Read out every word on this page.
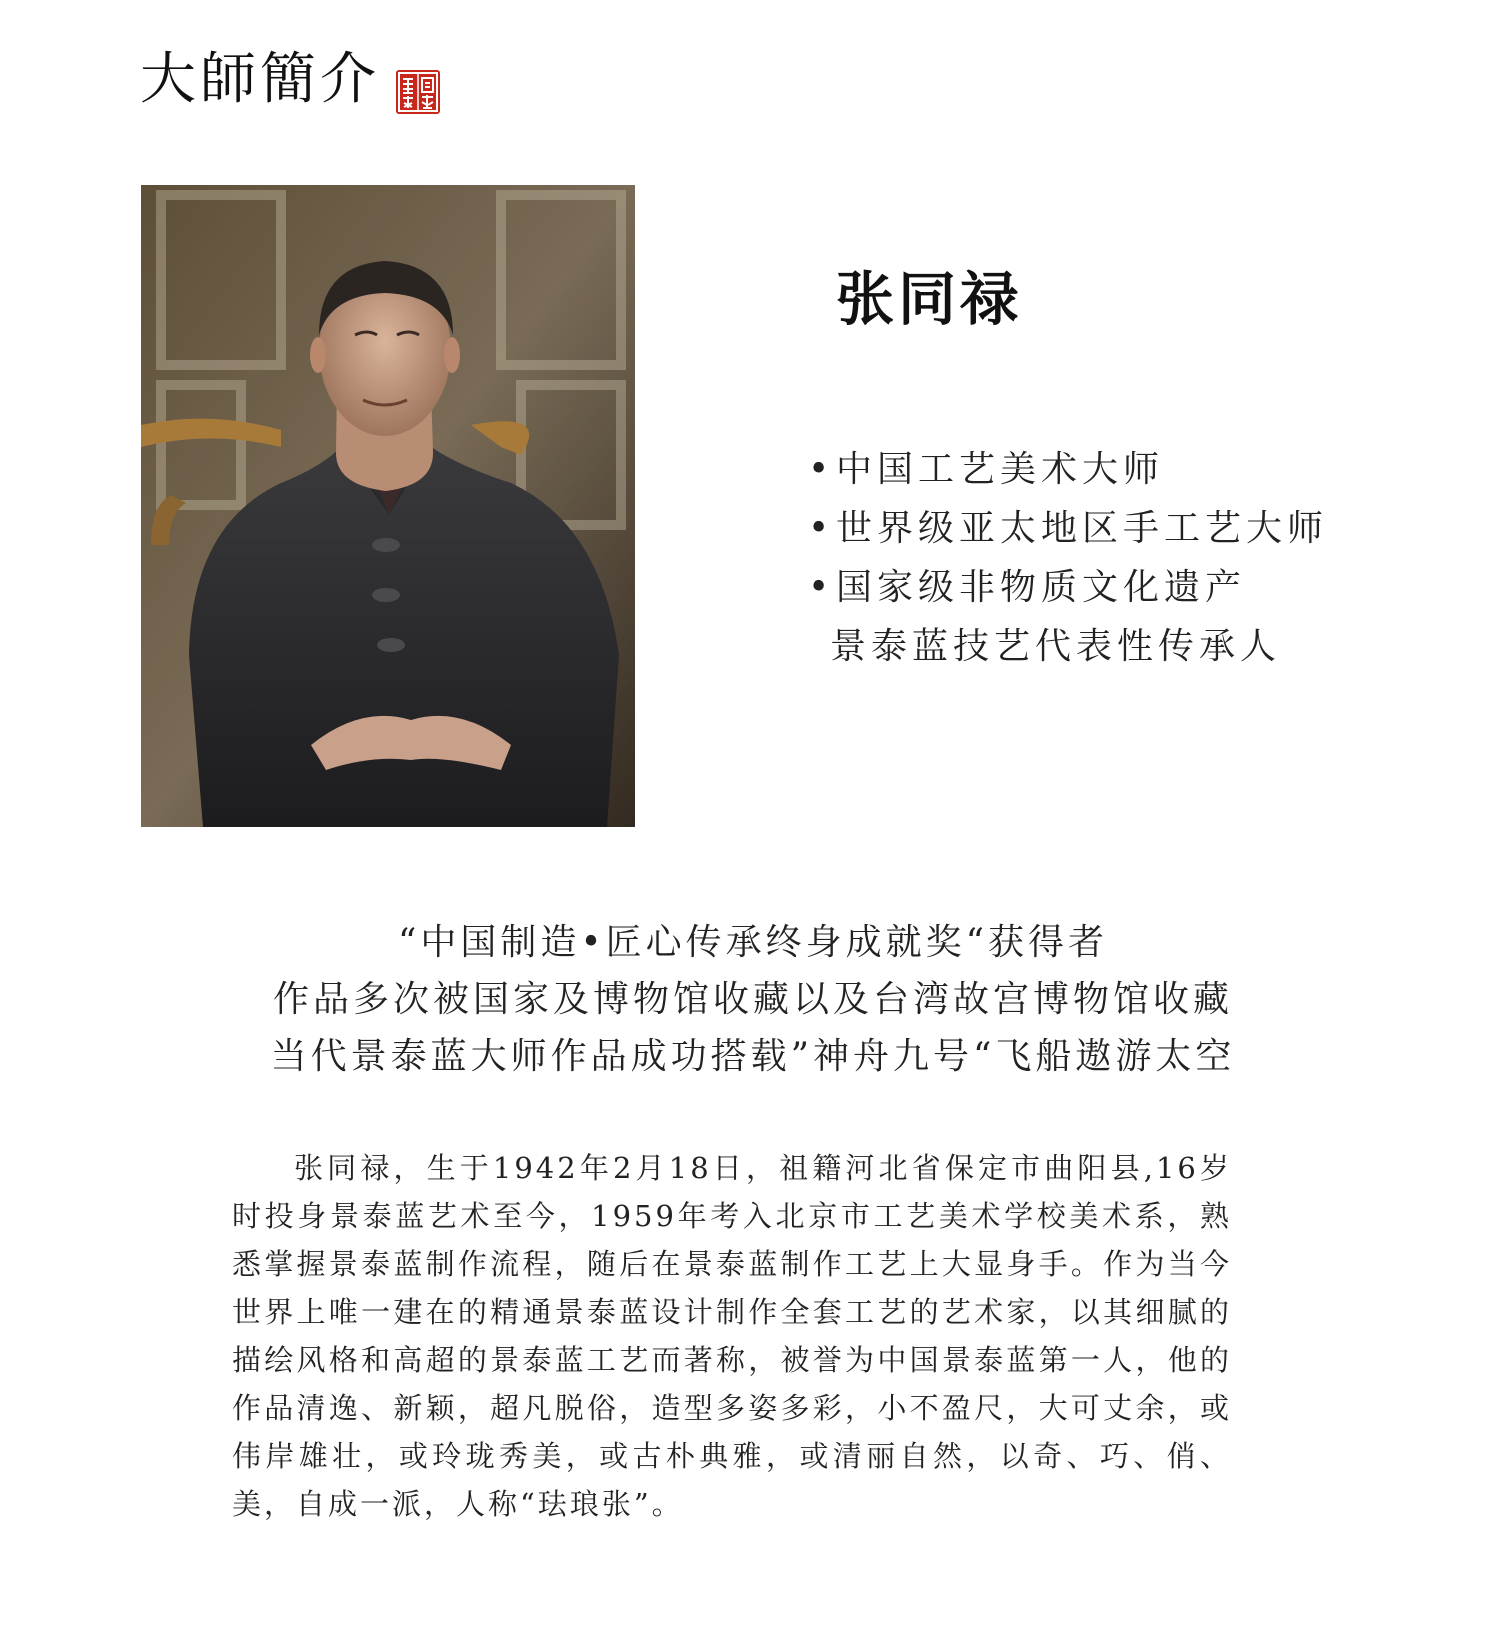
大師簡介
张同禄
•中国工艺美术大师
•世界级亚太地区手工艺大师
•国家级非物质文化遗产
景泰蓝技艺代表性传承人
“中国制造•匠心传承终身成就奖“获得者
作品多次被国家及博物馆收藏以及台湾故宫博物馆收藏
当代景泰蓝大师作品成功搭载”神舟九号“飞船遨游太空
张同禄，生于1942年2月18日，祖籍河北省保定市曲阳县,16岁时投身景泰蓝艺术至今，1959年考入北京市工艺美术学校美术系，熟悉掌握景泰蓝制作流程，随后在景泰蓝制作工艺上大显身手。作为当今世界上唯一建在的精通景泰蓝设计制作全套工艺的艺术家，以其细腻的描绘风格和高超的景泰蓝工艺而著称，被誉为中国景泰蓝第一人，他的作品清逸、新颖，超凡脱俗，造型多姿多彩，小不盈尺，大可丈余，或伟岸雄壮，或玲珑秀美，或古朴典雅，或清丽自然，以奇、巧、俏、美，自成一派，人称“珐琅张”。
